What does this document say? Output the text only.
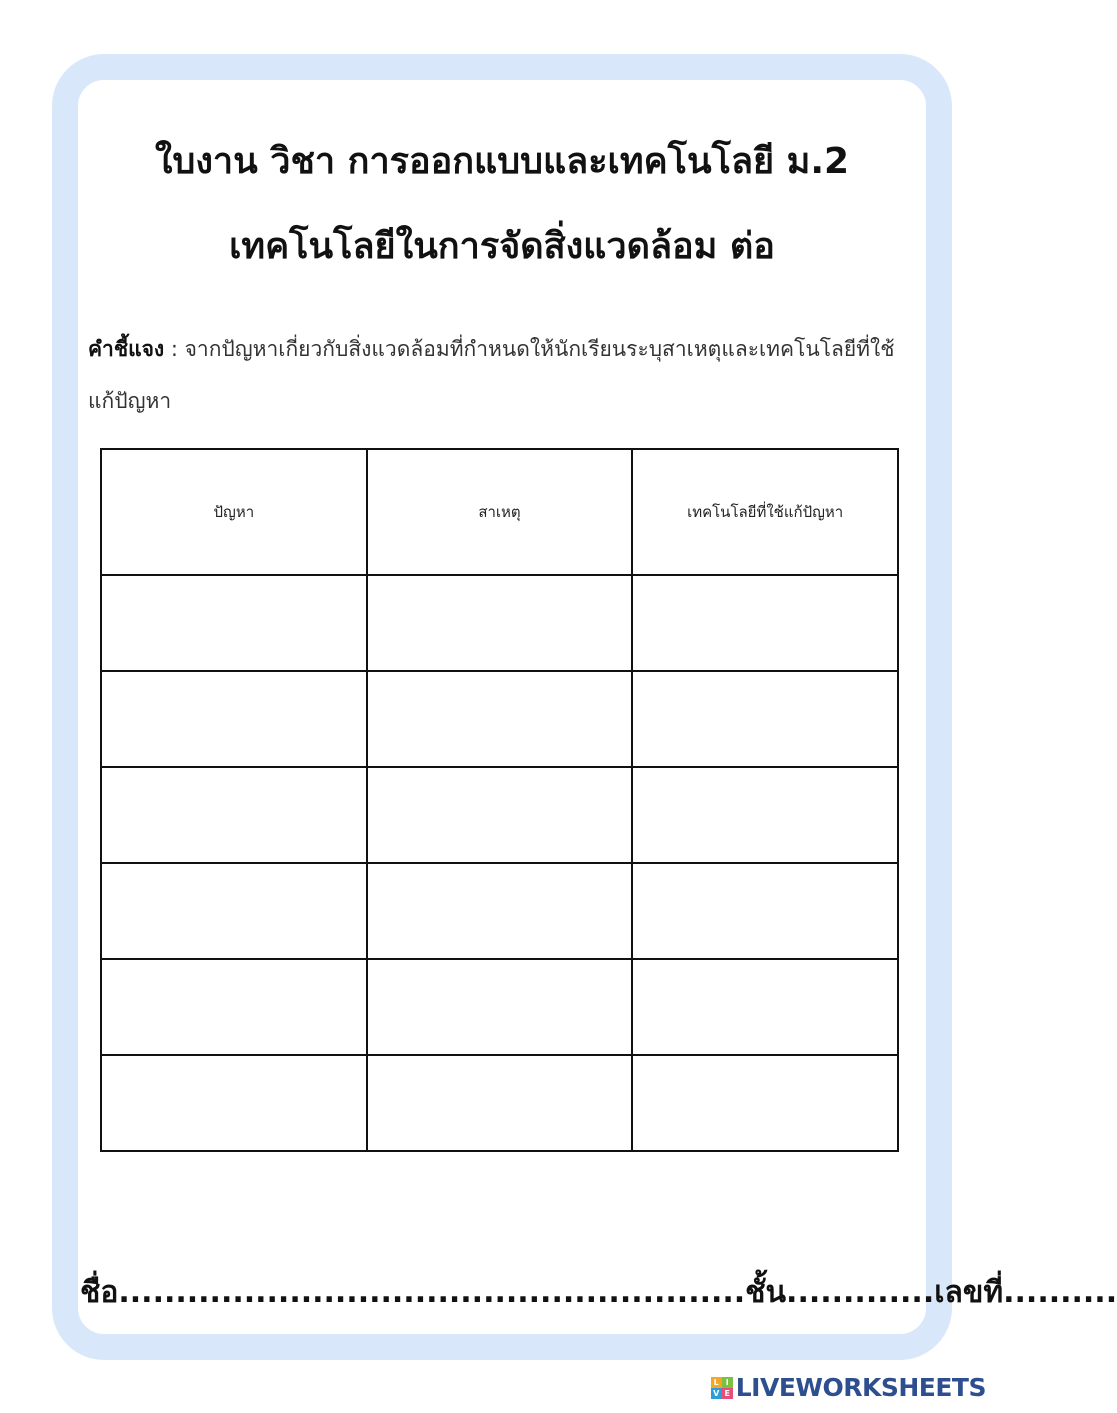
ใบงาน วิชา การออกแบบและเทคโนโลยี ม.2
เทคโนโลยีในการจัดสิ่งแวดล้อม ต่อ
คำชี้แจง : จากปัญหาเกี่ยวกับสิ่งแวดล้อมที่กำหนดให้นักเรียนระบุสาเหตุและเทคโนโลยีที่ใช้แก้ปัญหา
ปัญหา	สาเหตุ	เทคโนโลยีที่ใช้แก้ปัญหา

ชื่อ.......................................................ชั้น.............เลขที่..........
L I
V E LIVEWORKSHEETS
